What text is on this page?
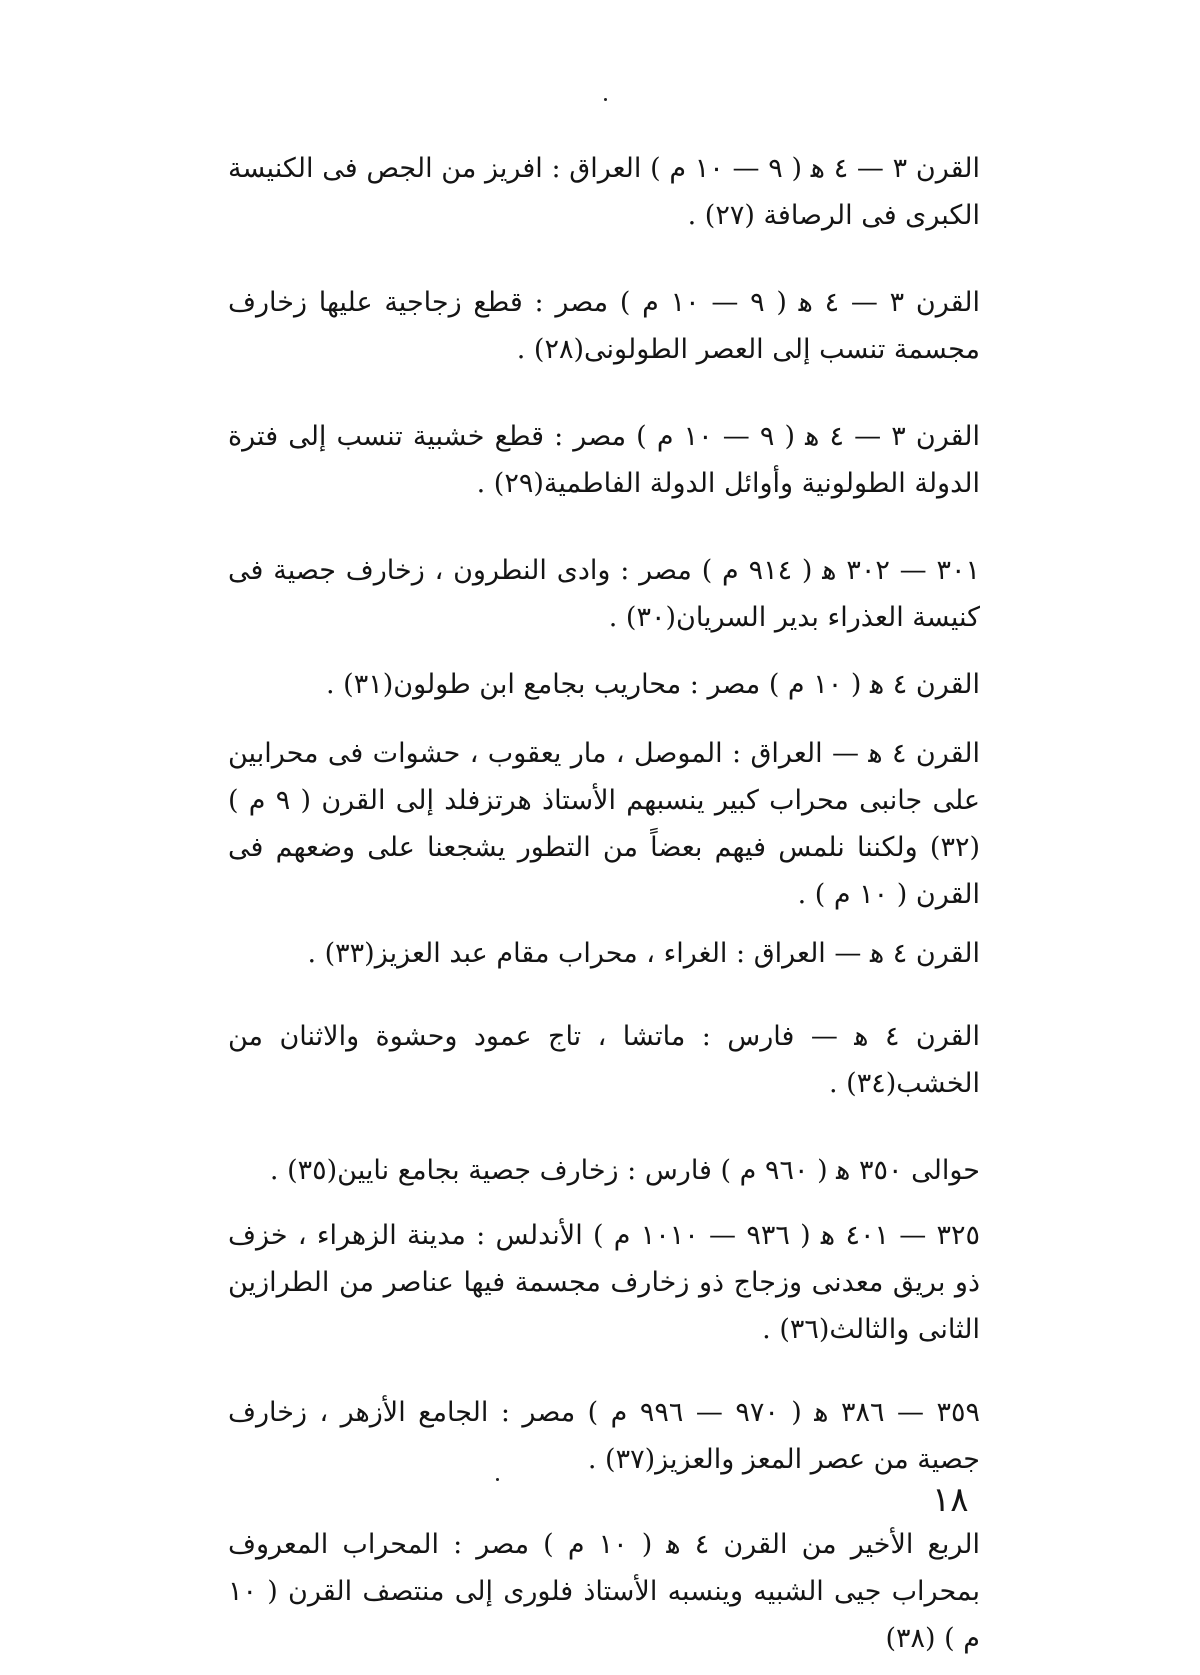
القرن ٣ — ٤ ﻫ ( ٩ — ١٠ م ) العراق : افريز من الجص فى الكنيسة الكبرى فى الرصافة (٢٧) .

القرن ٣ — ٤ ﻫ ( ٩ — ١٠ م ) مصر : قطع زجاجية عليها زخارف مجسمة تنسب إلى العصر الطولونى(٢٨) .

القرن ٣ — ٤ ﻫ ( ٩ — ١٠ م ) مصر : قطع خشبية تنسب إلى فترة الدولة الطولونية وأوائل الدولة الفاطمية(٢٩) .

٣٠١ — ٣٠٢ ﻫ ( ٩١٤ م ) مصر : وادى النطرون ، زخارف جصية فى كنيسة العذراء بدير السريان(٣٠) .

القرن ٤ ﻫ ( ١٠ م ) مصر : محاريب بجامع ابن طولون(٣١) .

القرن ٤ ﻫ — العراق : الموصل ، مار يعقوب ، حشوات فى محرابين على جانبى محراب كبير ينسبهم الأستاذ هرتزفلد إلى القرن ( ٩ م ) (٣٢) ولكننا نلمس فيهم بعضاً من التطور يشجعنا على وضعهم فى القرن ( ١٠ م ) .

القرن ٤ ﻫ — العراق : الغراء ، محراب مقام عبد العزيز(٣٣) .

القرن ٤ ﻫ — فارس : ماتشا ، تاج عمود وحشوة والاثنان من الخشب(٣٤) .

حوالى ٣٥٠ ﻫ ( ٩٦٠ م ) فارس : زخارف جصية بجامع نايين(٣٥) .

٣٢٥ — ٤٠١ ﻫ ( ٩٣٦ — ١٠١٠ م ) الأندلس : مدينة الزهراء ، خزف ذو بريق معدنى وزجاج ذو زخارف مجسمة فيها عناصر من الطرازين الثانى والثالث(٣٦) .

٣٥٩ — ٣٨٦ ﻫ ( ٩٧٠ — ٩٩٦ م ) مصر : الجامع الأزهر ، زخارف جصية من عصر المعز والعزيز(٣٧) .

الربع الأخير من القرن ٤ ﻫ ( ١٠ م ) مصر : المحراب المعروف بمحراب جيى الشبيه وينسبه الأستاذ فلورى إلى منتصف القرن ( ١٠ م ) (٣٨)

١٨
